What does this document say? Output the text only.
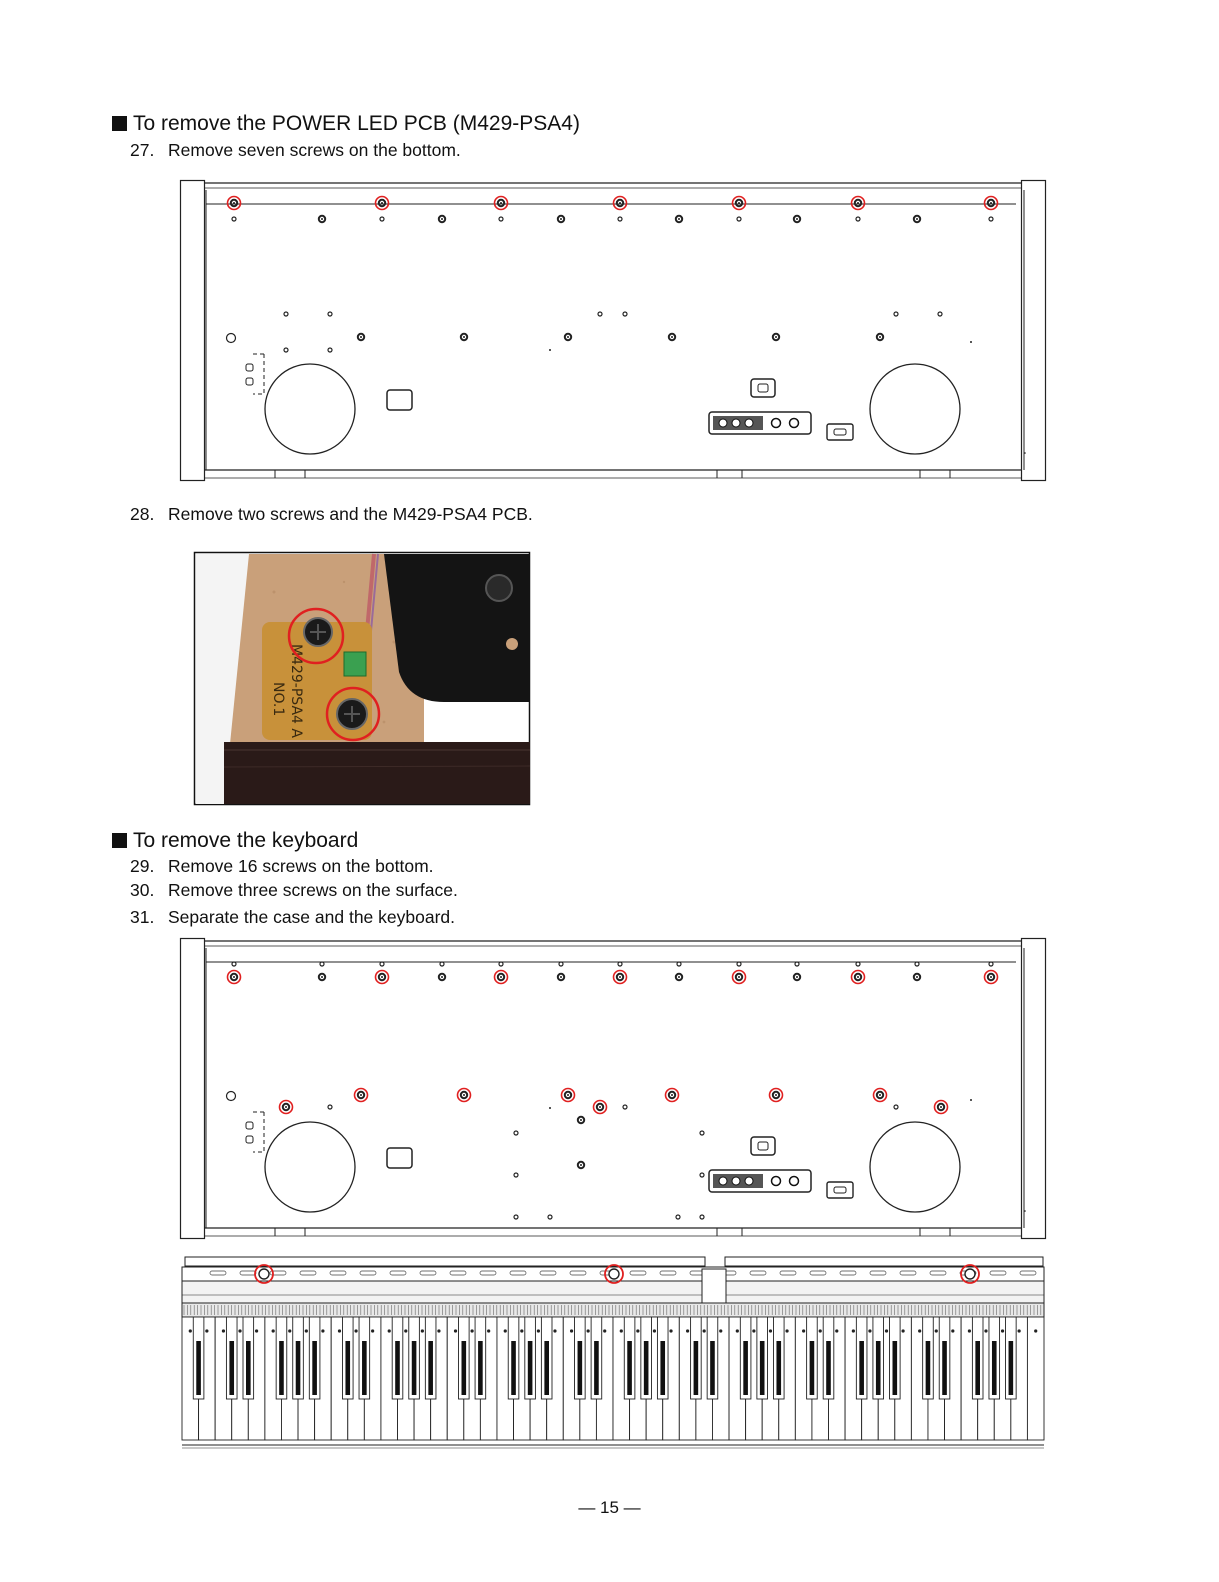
To remove the POWER LED PCB (M429-PSA4)
27. Remove seven screws on the bottom.
28. Remove two screws and the M429-PSA4 PCB.
M429-PSA4 A
NO.1
To remove the keyboard
29. Remove 16 screws on the bottom.
30. Remove three screws on the surface.
31. Separate the case and the keyboard.
— 15 —
